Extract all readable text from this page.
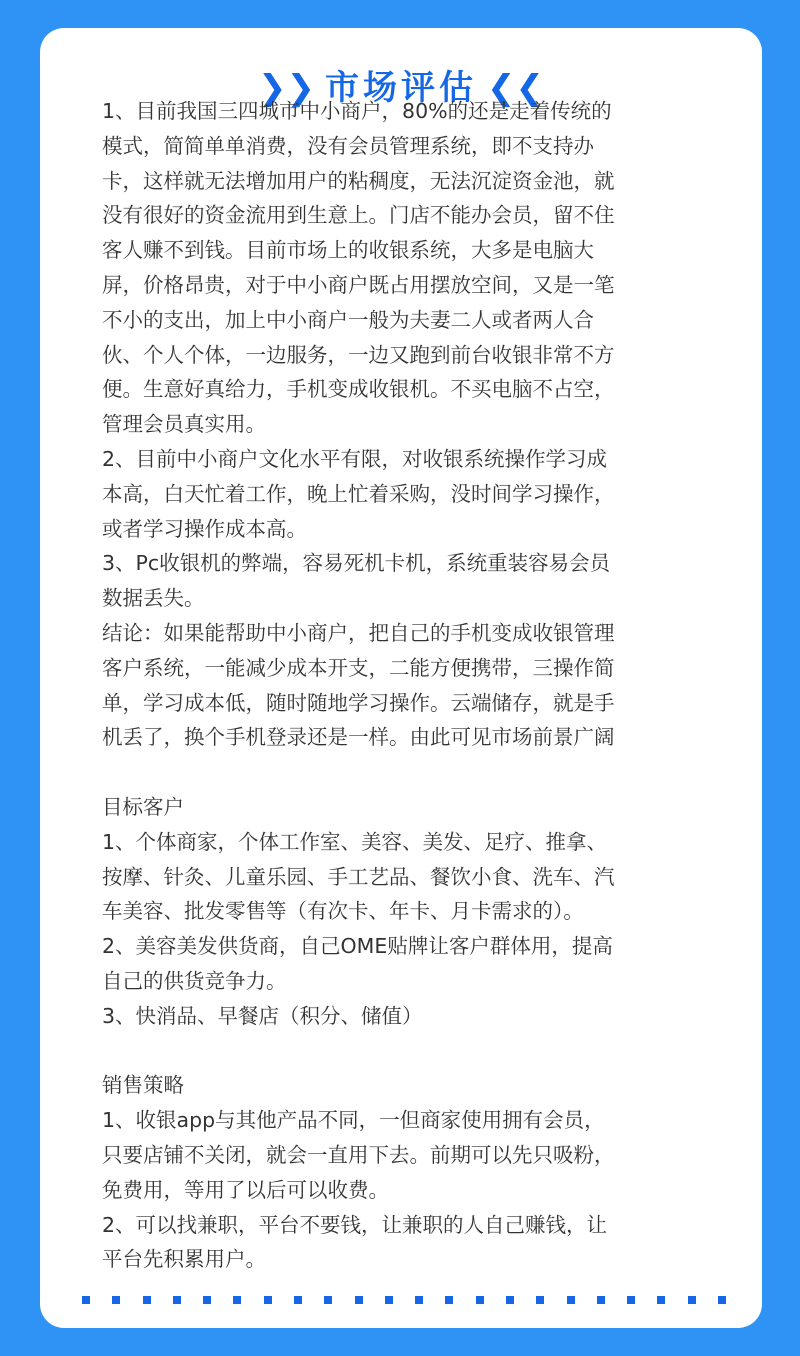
❯❯ 市场评估 ❮❮

1、目前我国三四城市中小商户，80%的还是走着传统的

模式，简简单单消费，没有会员管理系统，即不支持办

卡，这样就无法增加用户的粘稠度，无法沉淀资金池，就

没有很好的资金流用到生意上。门店不能办会员，留不住

客人赚不到钱。目前市场上的收银系统，大多是电脑大

屏，价格昂贵，对于中小商户既占用摆放空间，又是一笔

不小的支出，加上中小商户一般为夫妻二人或者两人合

伙、个人个体，一边服务，一边又跑到前台收银非常不方

便。生意好真给力，手机变成收银机。不买电脑不占空，

管理会员真实用。

2、目前中小商户文化水平有限，对收银系统操作学习成

本高，白天忙着工作，晚上忙着采购，没时间学习操作，

或者学习操作成本高。

3、Pc收银机的弊端，容易死机卡机，系统重装容易会员

数据丢失。

结论：如果能帮助中小商户，把自己的手机变成收银管理

客户系统，一能减少成本开支，二能方便携带，三操作简

单，学习成本低，随时随地学习操作。云端储存，就是手

机丢了，换个手机登录还是一样。由此可见市场前景广阔

目标客户

1、个体商家，个体工作室、美容、美发、足疗、推拿、

按摩、针灸、儿童乐园、手工艺品、餐饮小食、洗车、汽

车美容、批发零售等（有次卡、年卡、月卡需求的）。

2、美容美发供货商，自己OME贴牌让客户群体用，提高

自己的供货竞争力。

3、快消品、早餐店（积分、储值）

销售策略

1、收银app与其他产品不同，一但商家使用拥有会员，

只要店铺不关闭，就会一直用下去。前期可以先只吸粉，

免费用，等用了以后可以收费。

2、可以找兼职，平台不要钱，让兼职的人自己赚钱，让

平台先积累用户。
